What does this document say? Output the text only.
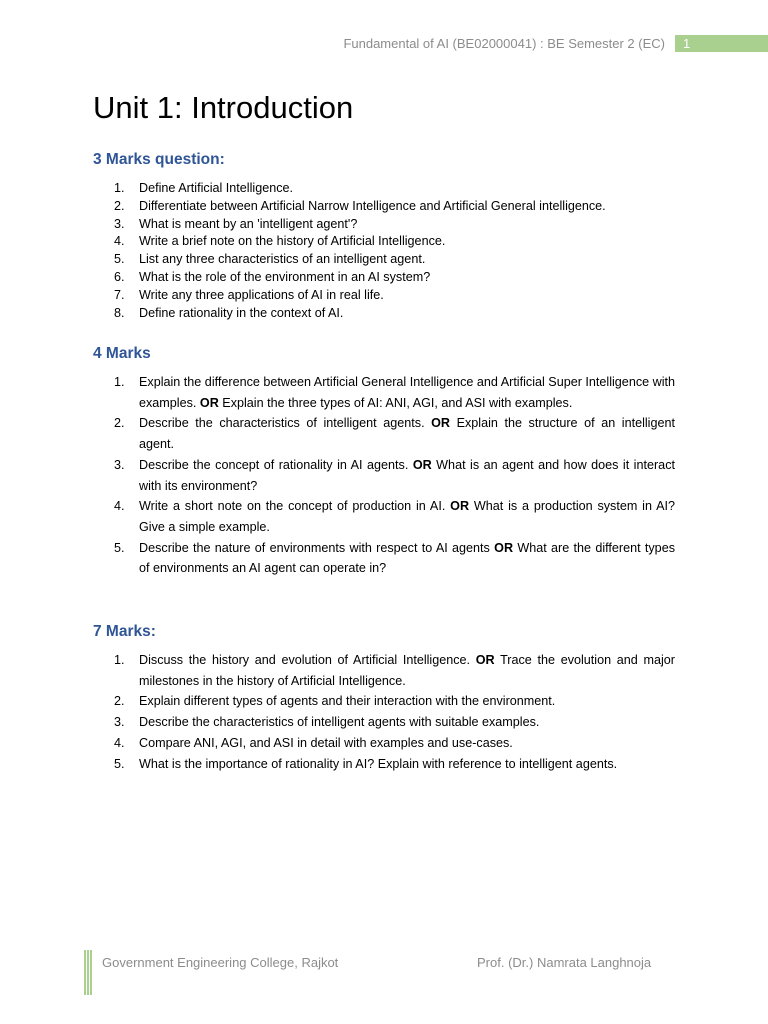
Fundamental of AI (BE02000041) : BE Semester 2 (EC)	1
Unit 1: Introduction
3 Marks question:
1. Define Artificial Intelligence.
2. Differentiate between Artificial Narrow Intelligence and Artificial General intelligence.
3. What is meant by an 'intelligent agent'?
4. Write a brief note on the history of Artificial Intelligence.
5. List any three characteristics of an intelligent agent.
6. What is the role of the environment in an AI system?
7. Write any three applications of AI in real life.
8. Define rationality in the context of AI.
4 Marks
1. Explain the difference between Artificial General Intelligence and Artificial Super Intelligence with examples. OR Explain the three types of AI: ANI, AGI, and ASI with examples.
2. Describe the characteristics of intelligent agents. OR Explain the structure of an intelligent agent.
3. Describe the concept of rationality in AI agents. OR What is an agent and how does it interact with its environment?
4. Write a short note on the concept of production in AI. OR What is a production system in AI? Give a simple example.
5. Describe the nature of environments with respect to AI agents OR What are the different types of environments an AI agent can operate in?
7 Marks:
1. Discuss the history and evolution of Artificial Intelligence. OR Trace the evolution and major milestones in the history of Artificial Intelligence.
2. Explain different types of agents and their interaction with the environment.
3. Describe the characteristics of intelligent agents with suitable examples.
4. Compare ANI, AGI, and ASI in detail with examples and use-cases.
5. What is the importance of rationality in AI? Explain with reference to intelligent agents.
Government Engineering College, Rajkot	Prof. (Dr.) Namrata Langhnoja
